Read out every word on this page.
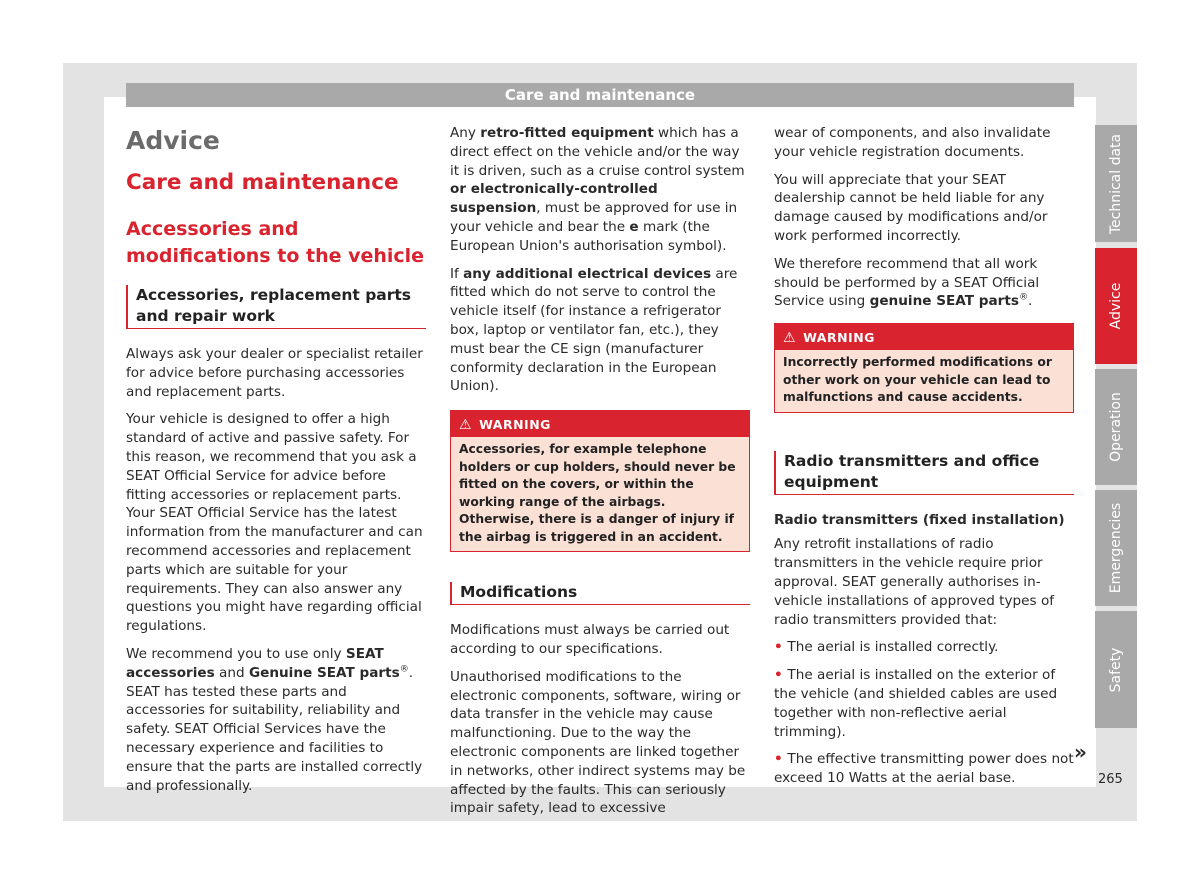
Care and maintenance
Advice
Care and maintenance
Accessories and modifications to the vehicle
Accessories, replacement parts and repair work

Always ask your dealer or specialist retailer for advice before purchasing accessories and replacement parts.

Your vehicle is designed to offer a high standard of active and passive safety. For this reason, we recommend that you ask a SEAT Official Service for advice before fitting accessories or replacement parts. Your SEAT Official Service has the latest information from the manufacturer and can recommend accessories and replacement parts which are suitable for your requirements. They can also answer any questions you might have regarding official regulations.

We recommend you to use only SEAT accessories and Genuine SEAT parts®. SEAT has tested these parts and accessories for suitability, reliability and safety. SEAT Official Services have the necessary experience and facilities to ensure that the parts are installed correctly and professionally.

Any retro-fitted equipment which has a direct effect on the vehicle and/or the way it is driven, such as a cruise control system or electronically-controlled suspension, must be approved for use in your vehicle and bear the e mark (the European Union's authorisation symbol).

If any additional electrical devices are fitted which do not serve to control the vehicle itself (for instance a refrigerator box, laptop or ventilator fan, etc.), they must bear the CE sign (manufacturer conformity declaration in the European Union).

⚠ WARNING
Accessories, for example telephone holders or cup holders, should never be fitted on the covers, or within the working range of the airbags. Otherwise, there is a danger of injury if the airbag is triggered in an accident.
Modifications

Modifications must always be carried out according to our specifications.

Unauthorised modifications to the electronic components, software, wiring or data transfer in the vehicle may cause malfunctioning. Due to the way the electronic components are linked together in networks, other indirect systems may be affected by the faults. This can seriously impair safety, lead to excessive

wear of components, and also invalidate your vehicle registration documents.

You will appreciate that your SEAT dealership cannot be held liable for any damage caused by modifications and/or work performed incorrectly.

We therefore recommend that all work should be performed by a SEAT Official Service using genuine SEAT parts®.

⚠ WARNING
Incorrectly performed modifications or other work on your vehicle can lead to malfunctions and cause accidents.
Radio transmitters and office equipment
Radio transmitters (fixed installation)

Any retrofit installations of radio transmitters in the vehicle require prior approval. SEAT generally authorises in-vehicle installations of approved types of radio transmitters provided that:

• The aerial is installed correctly.

• The aerial is installed on the exterior of the vehicle (and shielded cables are used together with non-reflective aerial trimming).

• The effective transmitting power does not exceed 10 Watts at the aerial base.

»
Technical data
Advice
Operation
Emergencies
Safety
265
